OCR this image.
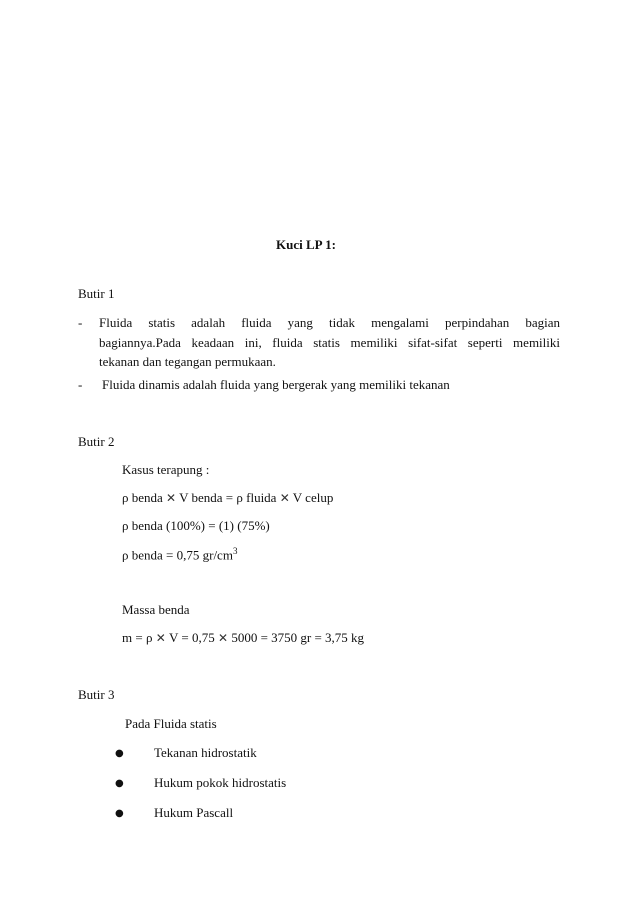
Kuci LP 1:
Butir 1
- Fluida statis adalah fluida yang tidak mengalami perpindahan bagian
bagiannya.Pada keadaan ini, fluida statis memiliki sifat-sifat seperti memiliki
tekanan dan tegangan permukaan.
- Fluida dinamis adalah fluida yang bergerak yang memiliki tekanan
Butir 2
Kasus terapung :
ρ benda ✕ V benda = ρ fluida ✕ V celup
ρ benda (100%) = (1) (75%)
ρ benda = 0,75 $gr/cm^3$
Massa benda
m = ρ ✕ V = 0,75 ✕ 5000 = 3750 gr = 3,75 kg
Butir 3
Pada Fluida statis
● Tekanan hidrostatik
● Hukum pokok hidrostatis
● Hukum Pascall
